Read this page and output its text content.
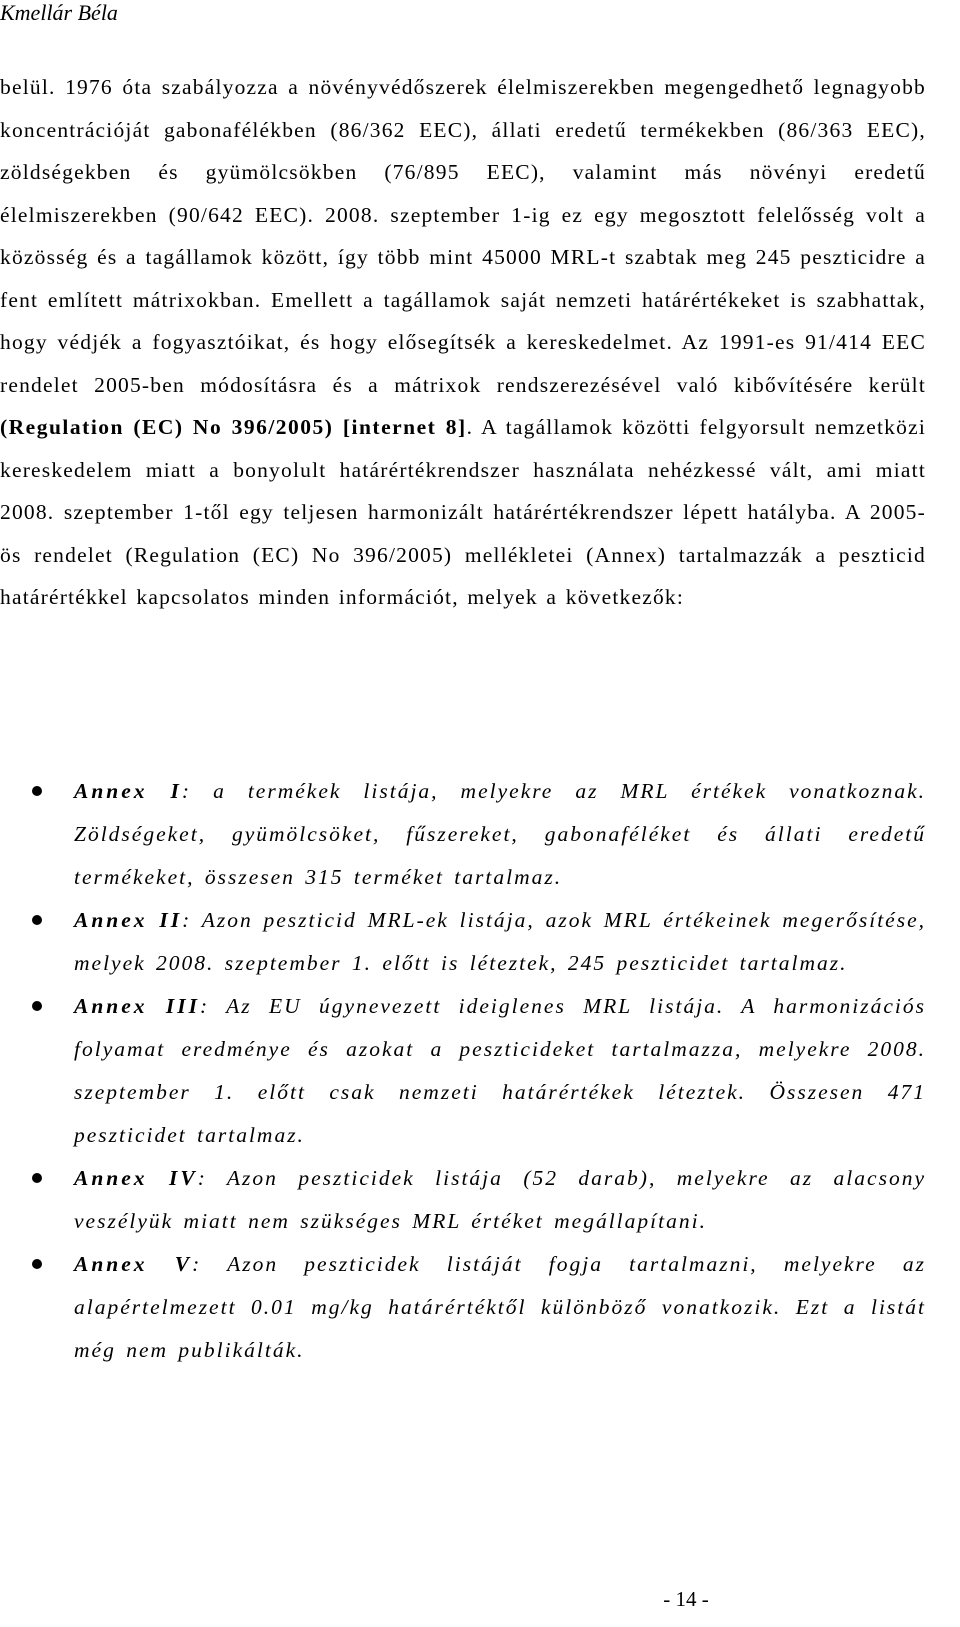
Kmellár Béla
belül. 1976 óta szabályozza a növényvédőszerek élelmiszerekben megengedhető legnagyobb koncentrációját gabonafélékben (86/362 EEC), állati eredetű termékekben (86/363 EEC), zöldségekben és gyümölcsökben (76/895 EEC), valamint más növényi eredetű élelmiszerekben (90/642 EEC). 2008. szeptember 1-ig ez egy megosztott felelősség volt a közösség és a tagállamok között, így több mint 45000 MRL-t szabtak meg 245 peszticidre a fent említett mátrixokban. Emellett a tagállamok saját nemzeti határértékeket is szabhattak, hogy védjék a fogyasztóikat, és hogy elősegítsék a kereskedelmet. Az 1991-es 91/414 EEC rendelet 2005-ben módosításra és a mátrixok rendszerezésével való kibővítésére került (Regulation (EC) No 396/2005) [internet 8]. A tagállamok közötti felgyorsult nemzetközi kereskedelem miatt a bonyolult határértékrendszer használata nehézkessé vált, ami miatt 2008. szeptember 1-től egy teljesen harmonizált határértékrendszer lépett hatályba. A 2005-ös rendelet (Regulation (EC) No 396/2005) mellékletei (Annex) tartalmazzák a peszticid határértékkel kapcsolatos minden információt, melyek a következők:
Annex I: a termékek listája, melyekre az MRL értékek vonatkoznak. Zöldségeket, gyümölcsöket, fűszereket, gabonaféléket és állati eredetű termékeket, összesen 315 terméket tartalmaz.
Annex II: Azon peszticid MRL-ek listája, azok MRL értékeinek megerősítése, melyek 2008. szeptember 1. előtt is léteztek, 245 peszticidet tartalmaz.
Annex III: Az EU úgynevezett ideiglenes MRL listája. A harmonizációs folyamat eredménye és azokat a peszticideket tartalmazza, melyekre 2008. szeptember 1. előtt csak nemzeti határértékek léteztek. Összesen 471 peszticidet tartalmaz.
Annex IV: Azon peszticidek listája (52 darab), melyekre az alacsony veszélyük miatt nem szükséges MRL értéket megállapítani.
Annex V: Azon peszticidek listáját fogja tartalmazni, melyekre az alapértelmezett 0.01 mg/kg határértéktől különböző vonatkozik. Ezt a listát még nem publikálták.
- 14 -
